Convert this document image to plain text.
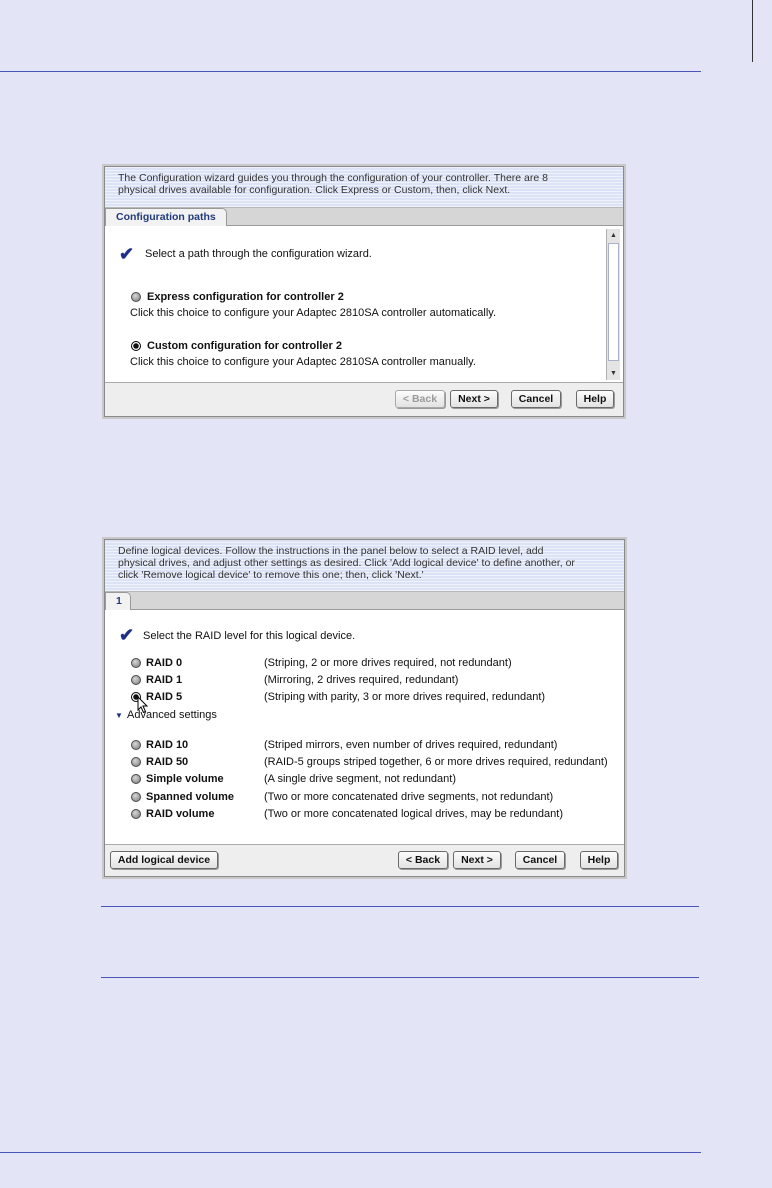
The Configuration wizard guides you through the configuration of your controller. There are 8
physical drives available for configuration. Click Express or Custom, then, click Next.
Configuration paths
✔ Select a path through the configuration wizard.
Express configuration for controller 2
Click this choice to configure your Adaptec 2810SA controller automatically.
Custom configuration for controller 2
Click this choice to configure your Adaptec 2810SA controller manually.
▲
▼
< Back	Next >	Cancel	Help
Define logical devices. Follow the instructions in the panel below to select a RAID level, add
physical drives, and adjust other settings as desired. Click 'Add logical device' to define another, or
click 'Remove logical device' to remove this one; then, click 'Next.'
1
✔ Select the RAID level for this logical device.
RAID 0	(Striping, 2 or more drives required, not redundant)
RAID 1	(Mirroring, 2 drives required, redundant)
RAID 5	(Striping with parity, 3 or more drives required, redundant)
▼ Advanced settings
RAID 10	(Striped mirrors, even number of drives required, redundant)
RAID 50	(RAID-5 groups striped together, 6 or more drives required, redundant)
Simple volume	(A single drive segment, not redundant)
Spanned volume	(Two or more concatenated drive segments, not redundant)
RAID volume	(Two or more concatenated logical drives, may be redundant)
Add logical device	< Back	Next >	Cancel	Help
